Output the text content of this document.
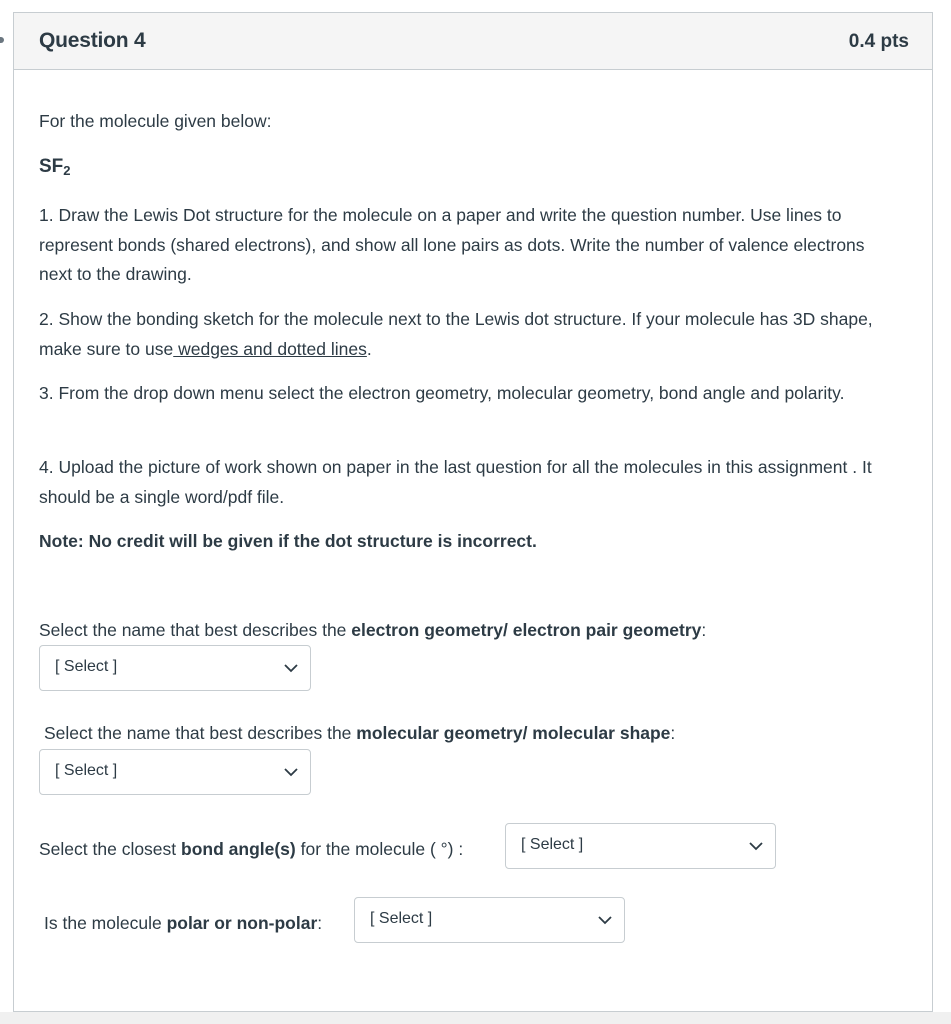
Question 4	0.4 pts
For the molecule given below:
$SF_2$
1. Draw the Lewis Dot structure for the molecule on a paper and write the question number. Use lines to represent bonds (shared electrons), and show all lone pairs as dots. Write the number of valence electrons next to the drawing.
2. Show the bonding sketch for the molecule next to the Lewis dot structure. If your molecule has 3D shape, make sure to use wedges and dotted lines.
3. From the drop down menu select the electron geometry, molecular geometry, bond angle and polarity.
4. Upload the picture of work shown on paper in the last question for all the molecules in this assignment . It should be a single word/pdf file.
Note: No credit will be given if the dot structure is incorrect.
Select the name that best describes the electron geometry/ electron pair geometry:
[ Select ]
Select the name that best describes the molecular geometry/ molecular shape:
[ Select ]
Select the closest bond angle(s) for the molecule ( °) :	[ Select ]
Is the molecule polar or non-polar:	[ Select ]
